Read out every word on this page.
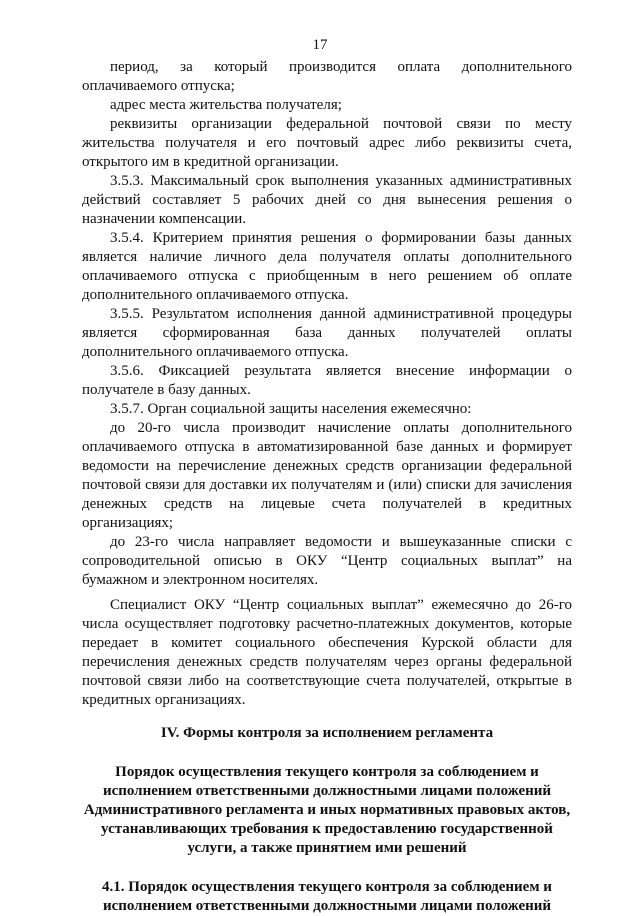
17

период, за который производится оплата дополнительного оплачиваемого отпуска;

адрес места жительства получателя;

реквизиты организации федеральной почтовой связи по месту жительства получателя и его почтовый адрес либо реквизиты счета, открытого им в кредитной организации.

3.5.3. Максимальный срок выполнения указанных административных действий составляет 5 рабочих дней со дня вынесения решения о назначении компенсации.

3.5.4. Критерием принятия решения о формировании базы данных является наличие личного дела получателя оплаты дополнительного оплачиваемого отпуска с приобщенным в него решением об оплате дополнительного оплачиваемого отпуска.

3.5.5. Результатом исполнения данной административной процедуры является сформированная база данных получателей оплаты дополнительного оплачиваемого отпуска.

3.5.6. Фиксацией результата является внесение информации о получателе в базу данных.

3.5.7. Орган социальной защиты населения ежемесячно:

до 20-го числа производит начисление оплаты дополнительного оплачиваемого отпуска в автоматизированной базе данных и формирует ведомости на перечисление денежных средств организации федеральной почтовой связи для доставки их получателям и (или) списки для зачисления денежных средств на лицевые счета получателей в кредитных организациях;

до 23-го числа направляет ведомости и вышеуказанные списки с сопроводительной описью в ОКУ “Центр социальных выплат” на бумажном и электронном носителях.

Специалист ОКУ “Центр социальных выплат” ежемесячно до 26-го числа осуществляет подготовку расчетно-платежных документов, которые передает в комитет социального обеспечения Курской области для перечисления денежных средств получателям через органы федеральной почтовой связи либо на соответствующие счета получателей, открытые в кредитных организациях.

IV. Формы контроля за исполнением регламента

Порядок осуществления текущего контроля за соблюдением и исполнением ответственными должностными лицами положений Административного регламента и иных нормативных правовых актов, устанавливающих требования к предоставлению государственной услуги, а также принятием ими решений

4.1. Порядок осуществления текущего контроля за соблюдением и исполнением ответственными должностными лицами положений
